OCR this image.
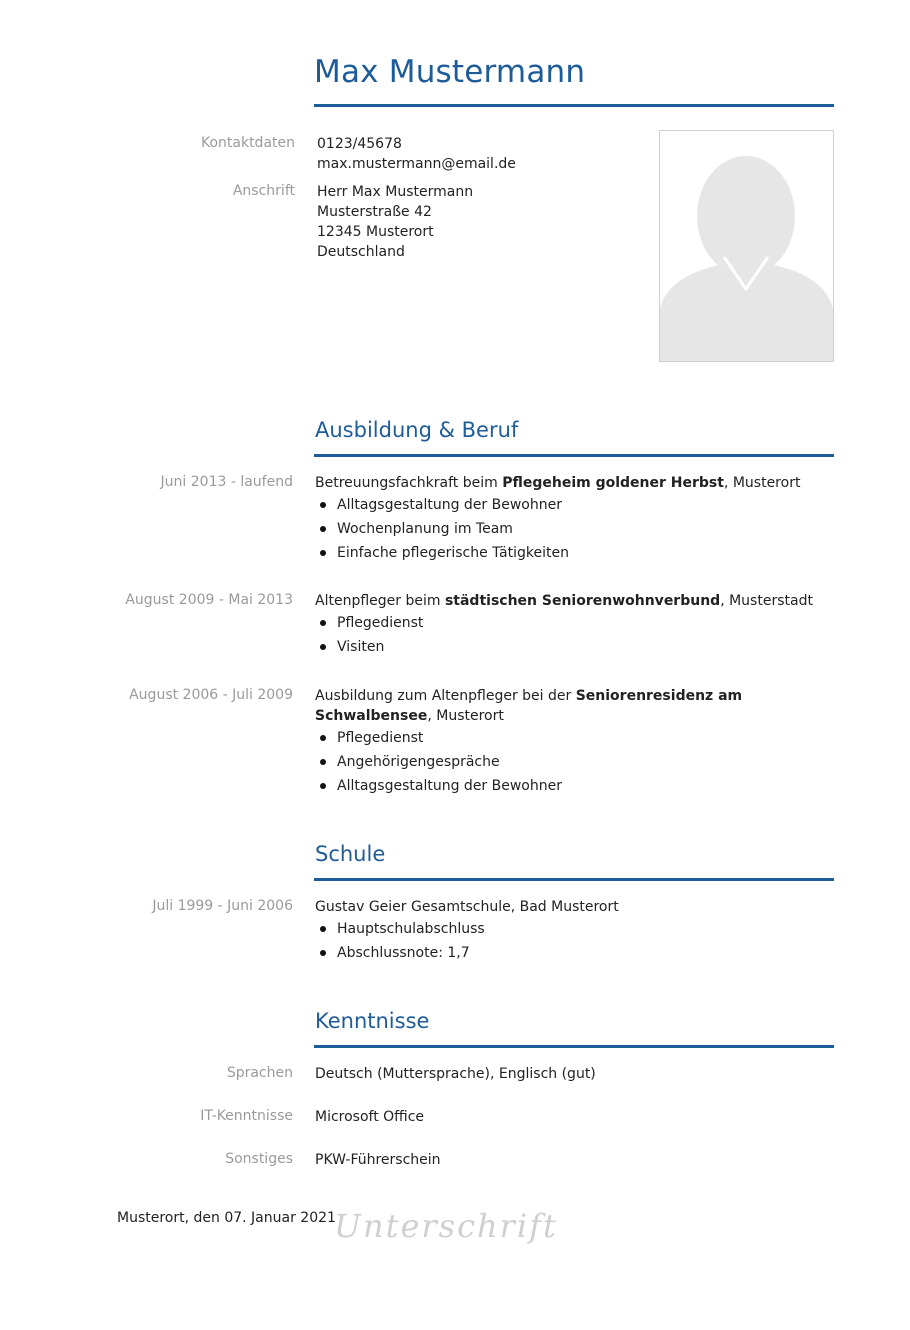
Max Mustermann
Kontaktdaten 0123/45678
max.mustermann@email.de
Anschrift Herr Max Mustermann
Musterstraße 42
12345 Musterort
Deutschland
Ausbildung & Beruf
Juni 2013 - laufend Betreuungsfachkraft beim Pflegeheim goldener Herbst, Musterort
Alltagsgestaltung der Bewohner
Wochenplanung im Team
Einfache pflegerische Tätigkeiten
August 2009 - Mai 2013 Altenpfleger beim städtischen Seniorenwohnverbund, Musterstadt
Pflegedienst
Visiten
August 2006 - Juli 2009 Ausbildung zum Altenpfleger bei der Seniorenresidenz am Schwalbensee, Musterort
Pflegedienst
Angehörigengespräche
Alltagsgestaltung der Bewohner
Schule
Juli 1999 - Juni 2006 Gustav Geier Gesamtschule, Bad Musterort
Hauptschulabschluss
Abschlussnote: 1,7
Kenntnisse
Sprachen Deutsch (Muttersprache), Englisch (gut)
IT-Kenntnisse Microsoft Office
Sonstiges PKW-Führerschein
Musterort, den 07. Januar 2021
Unterschrift
